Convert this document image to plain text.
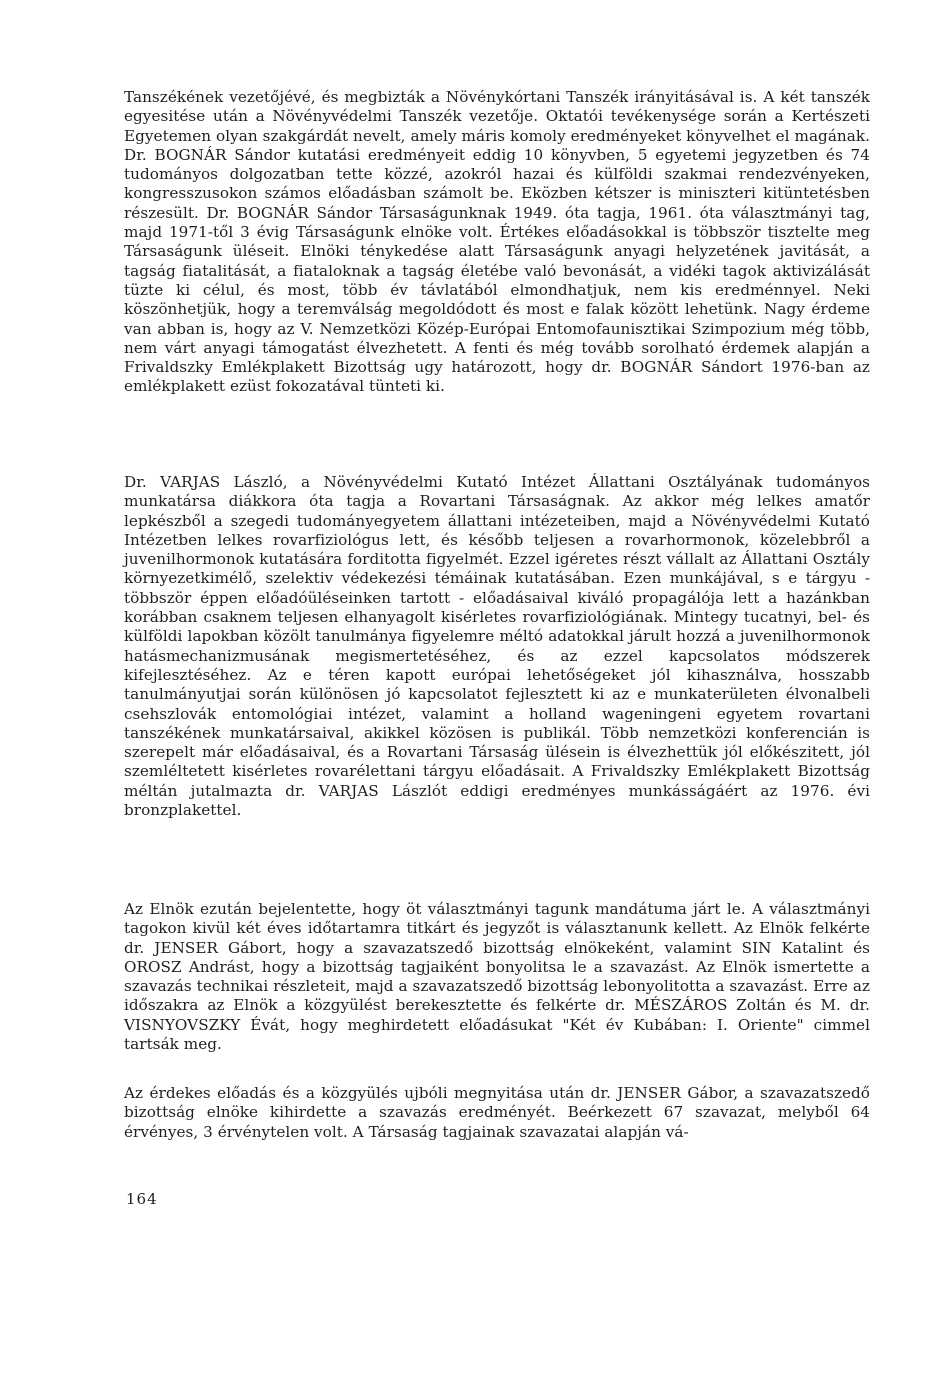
Tanszékének vezetőjévé, és megbizták a Növénykórtani Tanszék irányitásával is. A két tanszék egyesitése után a Növényvédelmi Tanszék vezetője. Oktatói tevékenysége során a Kertészeti Egyetemen olyan szakgárdát nevelt, amely máris komoly eredményeket könyvelhet el magának. Dr. BOGNÁR Sándor kutatási eredményeit eddig 10 könyvben, 5 egyetemi jegyzetben és 74 tudományos dolgozatban tette közzé, azokról hazai és külföldi szakmai rendezvényeken, kongresszusokon számos előadásban számolt be. Eközben kétszer is miniszteri kitüntetésben részesült. Dr. BOGNÁR Sándor Társaságunknak 1949. óta tagja, 1961. óta választmányi tag, majd 1971-től 3 évig Társaságunk elnöke volt. Értékes előadásokkal is többször tisztelte meg Társaságunk üléseit. Elnöki ténykedése alatt Társaságunk anyagi helyzetének javitását, a tagság fiatalitását, a fiataloknak a tagság életébe való bevonását, a vidéki tagok aktivizálását tüzte ki célul, és most, több év távlatából elmondhatjuk, nem kis eredménnyel. Neki köszönhetjük, hogy a teremválság megoldódott és most e falak között lehetünk. Nagy érdeme van abban is, hogy az V. Nemzetközi Közép-Európai Entomofaunisztikai Szimpozium még több, nem várt anyagi támogatást élvezhetett. A fenti és még tovább sorolható érdemek alapján a Frivaldszky Emlékplakett Bizottság ugy határozott, hogy dr. BOGNÁR Sándort 1976-ban az emlékplakett ezüst fokozatával tünteti ki.

Dr. VARJAS László, a Növényvédelmi Kutató Intézet Állattani Osztályának tudományos munkatársa diákkora óta tagja a Rovartani Társaságnak. Az akkor még lelkes amatőr lepkészből a szegedi tudományegyetem állattani intézeteiben, majd a Növényvédelmi Kutató Intézetben lelkes rovarfiziológus lett, és később teljesen a rovarhormonok, közelebbről a juvenilhormonok kutatására forditotta figyelmét. Ezzel igéretes részt vállalt az Állattani Osztály környezetkimélő, szelektiv védekezési témáinak kutatásában. Ezen munkájával, s e tárgyu - többször éppen előadóüléseinken tartott - előadásaival kiváló propagálója lett a hazánkban korábban csaknem teljesen elhanyagolt kisérletes rovarfiziológiának. Mintegy tucatnyi, bel- és külföldi lapokban közölt tanulmánya figyelemre méltó adatokkal járult hozzá a juvenilhormonok hatásmechanizmusának megismertetéséhez, és az ezzel kapcsolatos módszerek kifejlesztéséhez. Az e téren kapott európai lehetőségeket jól kihasználva, hosszabb tanulmányutjai során különösen jó kapcsolatot fejlesztett ki az e munkaterületen élvonalbeli csehszlovák entomológiai intézet, valamint a holland wageningeni egyetem rovartani tanszékének munkatársaival, akikkel közösen is publikál. Több nemzetközi konferencián is szerepelt már előadásaival, és a Rovartani Társaság ülésein is élvezhettük jól előkészitett, jól szemléltetett kisérletes rovarélettani tárgyu előadásait. A Frivaldszky Emlékplakett Bizottság méltán jutalmazta dr. VARJAS Lászlót eddigi eredményes munkásságáért az 1976. évi bronzplakettel.

Az Elnök ezután bejelentette, hogy öt választmányi tagunk mandátuma járt le. A választmányi tagokon kivül két éves időtartamra titkárt és jegyzőt is választanunk kellett. Az Elnök felkérte dr. JENSER Gábort, hogy a szavazatszedő bizottság elnökeként, valamint SIN Katalint és OROSZ Andrást, hogy a bizottság tagjaiként bonyolitsa le a szavazást. Az Elnök ismertette a szavazás technikai részleteit, majd a szavazatszedő bizottság lebonyolitotta a szavazást. Erre az időszakra az Elnök a közgyülést berekesztette és felkérte dr. MÉSZÁROS Zoltán és M. dr. VISNYOVSZKY Évát, hogy meghirdetett előadásukat "Két év Kubában: I. Oriente" cimmel tartsák meg.

Az érdekes előadás és a közgyülés ujbóli megnyitása után dr. JENSER Gábor, a szavazatszedő bizottság elnöke kihirdette a szavazás eredményét. Beérkezett 67 szavazat, melyből 64 érvényes, 3 érvénytelen volt. A Társaság tagjainak szavazatai alapján vá-

164
